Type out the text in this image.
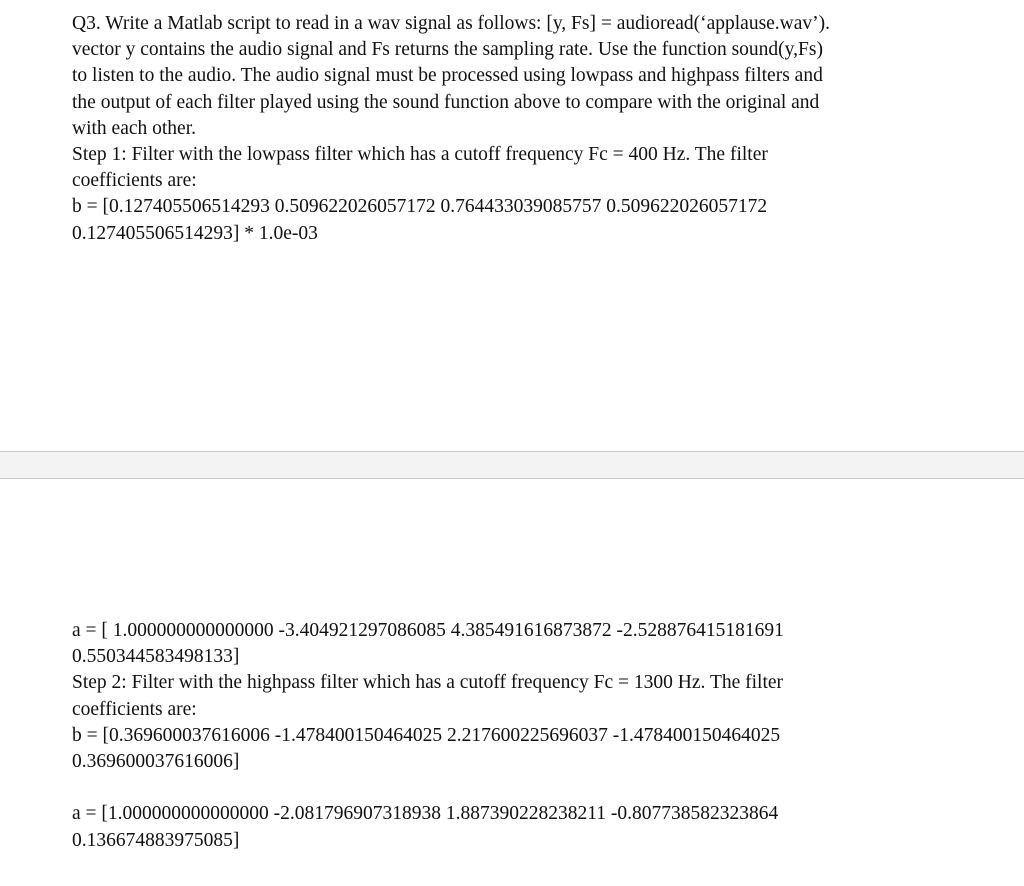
Q3. Write a Matlab script to read in a wav signal as follows: [y, Fs] = audioread(‘applause.wav’).
vector y contains the audio signal and Fs returns the sampling rate. Use the function sound(y,Fs)
to listen to the audio. The audio signal must be processed using lowpass and highpass filters and
the output of each filter played using the sound function above to compare with the original and
with each other.
Step 1: Filter with the lowpass filter which has a cutoff frequency Fc = 400 Hz. The filter
coefficients are:
b = [0.127405506514293 0.509622026057172 0.764433039085757 0.509622026057172
0.127405506514293] * 1.0e-03
a = [ 1.000000000000000 -3.404921297086085 4.385491616873872 -2.528876415181691
0.550344583498133]
Step 2: Filter with the highpass filter which has a cutoff frequency Fc = 1300 Hz. The filter
coefficients are:
b = [0.369600037616006 -1.478400150464025 2.217600225696037 -1.478400150464025
0.369600037616006]
a = [1.000000000000000 -2.081796907318938 1.887390228238211 -0.807738582323864
0.136674883975085]
